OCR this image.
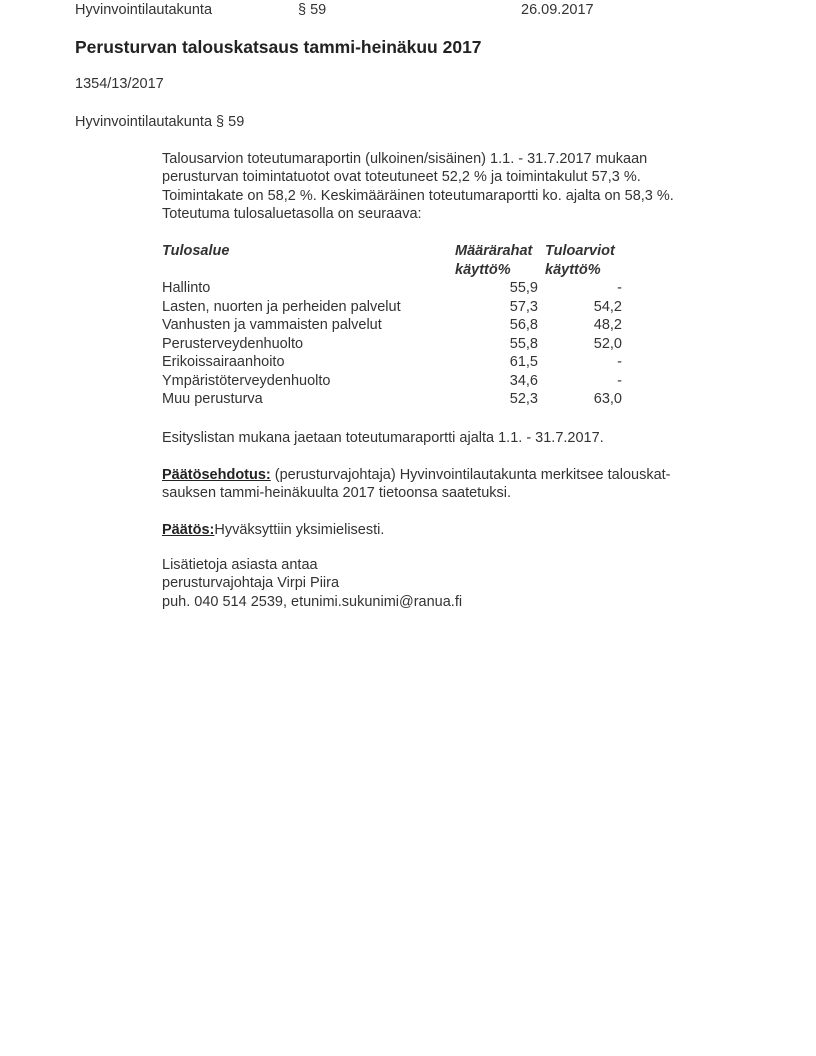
Hyvinvointilautakunta	§ 59	26.09.2017
Perusturvan talouskatsaus tammi-heinäkuu 2017
1354/13/2017
Hyvinvointilautakunta § 59
Talousarvion toteutumaraportin (ulkoinen/sisäinen) 1.1. - 31.7.2017 mukaan
perusturvan toimintatuotot ovat toteutuneet 52,2 % ja toimintakulut 57,3 %.
Toimintakate on 58,2 %. Keskimääräinen toteutumaraportti ko. ajalta on 58,3 %.
Toteutuma tulosaluetasolla on seuraava:
Tulosalue	Määrärahat Tuloarviot
käyttö%	käyttö%
Hallinto	55,9	-
Lasten, nuorten ja perheiden palvelut	57,3	54,2
Vanhusten ja vammaisten palvelut	56,8	48,2
Perusterveydenhuolto	55,8	52,0
Erikoissairaanhoito	61,5	-
Ympäristöterveydenhuolto	34,6	-
Muu perusturva	52,3	63,0
Esityslistan mukana jaetaan toteutumaraportti ajalta 1.1. - 31.7.2017.
Päätösehdotus: (perusturvajohtaja) Hyvinvointilautakunta merkitsee talouskat-
sauksen tammi-heinäkuulta 2017 tietoonsa saatetuksi.
Päätös:Hyväksyttiin yksimielisesti.
Lisätietoja asiasta antaa
perusturvajohtaja Virpi Piira
puh. 040 514 2539, etunimi.sukunimi@ranua.fi
